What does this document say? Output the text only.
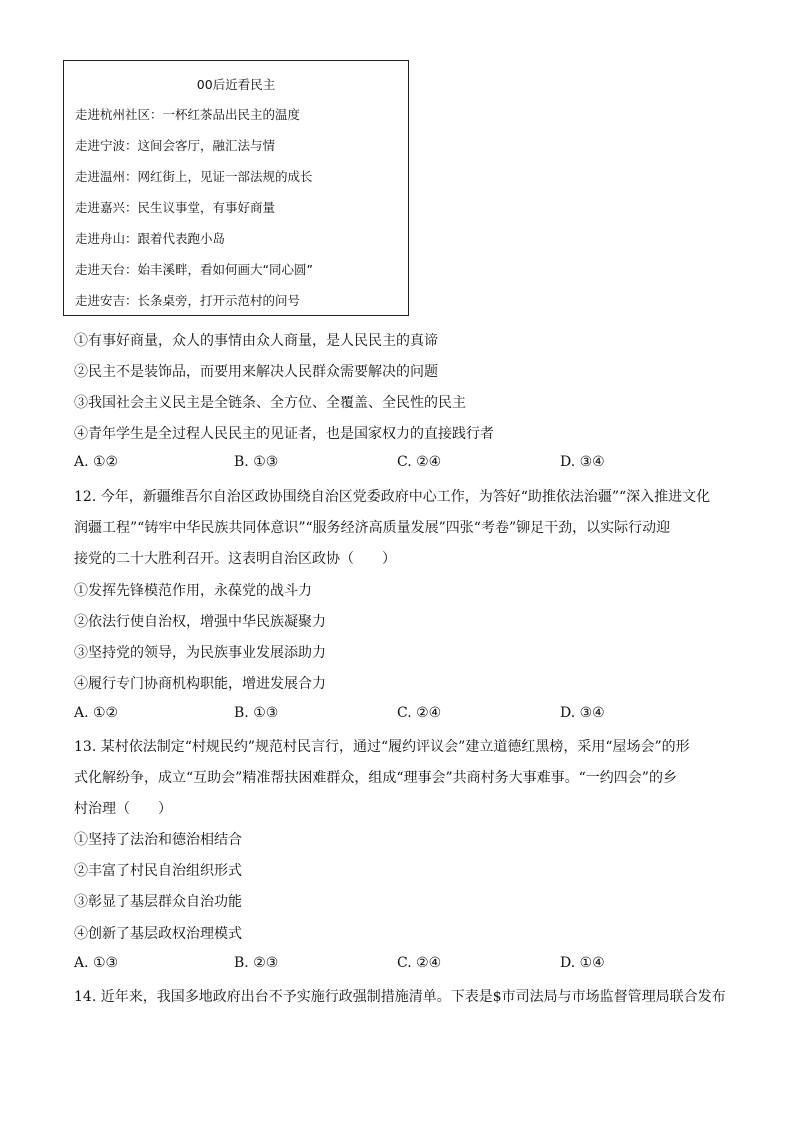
00后近看民主
走进杭州社区：一杯红茶品出民主的温度
走进宁波：这间会客厅，融汇法与情
走进温州：网红街上，见证一部法规的成长
走进嘉兴：民生议事堂，有事好商量
走进舟山：跟着代表跑小岛
走进天台：始丰溪畔，看如何画大“同心圆”
走进安吉：长条桌旁，打开示范村的问号
①有事好商量，众人的事情由众人商量，是人民民主的真谛
②民主不是装饰品，而要用来解决人民群众需要解决的问题
③我国社会主义民主是全链条、全方位、全覆盖、全民性的民主
④青年学生是全过程人民民主的见证者，也是国家权力的直接践行者
A. ①②	B. ①③	C. ②④	D. ③④
12. 今年，新疆维吾尔自治区政协围绕自治区党委政府中心工作，为答好“助推依法治疆”“深入推进文化
润疆工程”“铸牢中华民族共同体意识”“服务经济高质量发展”四张“考卷”铆足干劲，以实际行动迎
接党的二十大胜利召开。这表明自治区政协（　　）
①发挥先锋模范作用，永葆党的战斗力
②依法行使自治权，增强中华民族凝聚力
③坚持党的领导，为民族事业发展添助力
④履行专门协商机构职能，增进发展合力
A. ①②	B. ①③	C. ②④	D. ③④
13. 某村依法制定“村规民约”规范村民言行，通过“履约评议会”建立道德红黑榜，采用“屋场会”的形
式化解纷争，成立“互助会”精准帮扶困难群众，组成“理事会”共商村务大事难事。“一约四会”的乡
村治理（　　）
①坚持了法治和德治相结合
②丰富了村民自治组织形式
③彰显了基层群众自治功能
④创新了基层政权治理模式
A. ①③	B. ②③	C. ②④	D. ①④
14. 近年来，我国多地政府出台不予实施行政强制措施清单。下表是$市司法局与市场监督管理局联合发布
